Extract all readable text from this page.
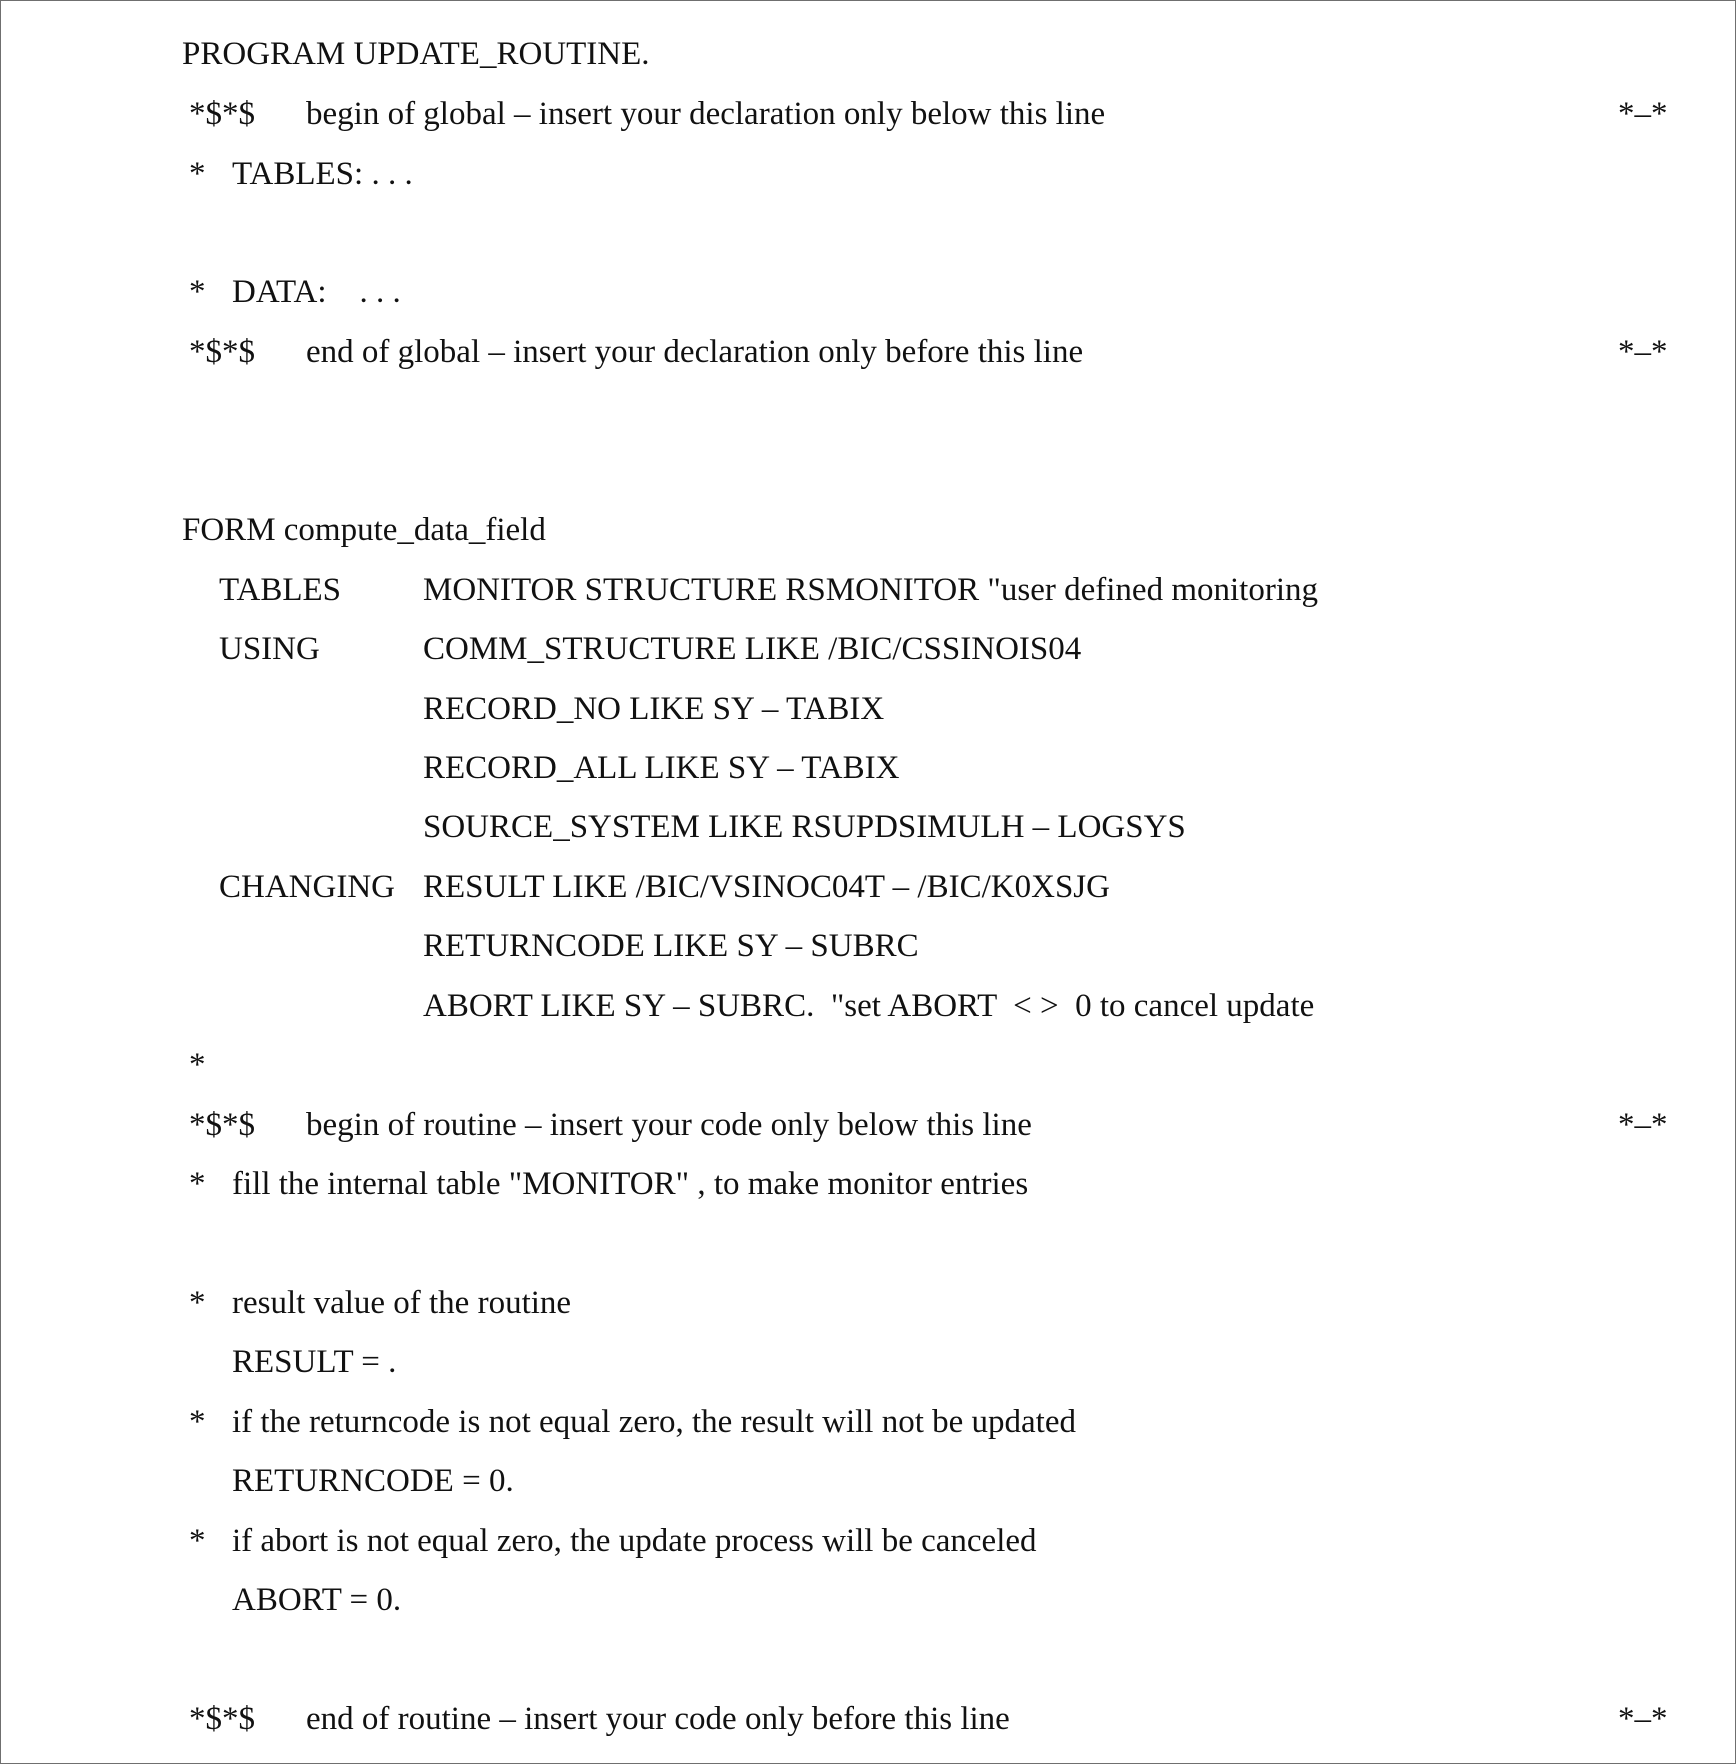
PROGRAM UPDATE_ROUTINE.
*$*$ begin of global – insert your declaration only below this line	*–*
* TABLES: . . .
* DATA:    . . .
*$*$ end of global – insert your declaration only before this line	*–*
FORM compute_data_field
TABLES MONITOR STRUCTURE RSMONITOR "user defined monitoring
USING	COMM_STRUCTURE LIKE /BIC/CSSINOIS04
RECORD_NO LIKE SY – TABIX
RECORD_ALL LIKE SY – TABIX
SOURCE_SYSTEM LIKE RSUPDSIMULH – LOGSYS
CHANGING RESULT LIKE /BIC/VSINOC04T – /BIC/K0XSJG
RETURNCODE LIKE SY – SUBRC
ABORT LIKE SY – SUBRC.  "set ABORT  < >  0 to cancel update
*
*$*$ begin of routine – insert your code only below this line	*–*
* fill the internal table "MONITOR" , to make monitor entries
* result value of the routine
RESULT = .
* if the returncode is not equal zero, the result will not be updated
RETURNCODE = 0.
* if abort is not equal zero, the update process will be canceled
ABORT = 0.
*$*$ end of routine – insert your code only before this line	*–*
